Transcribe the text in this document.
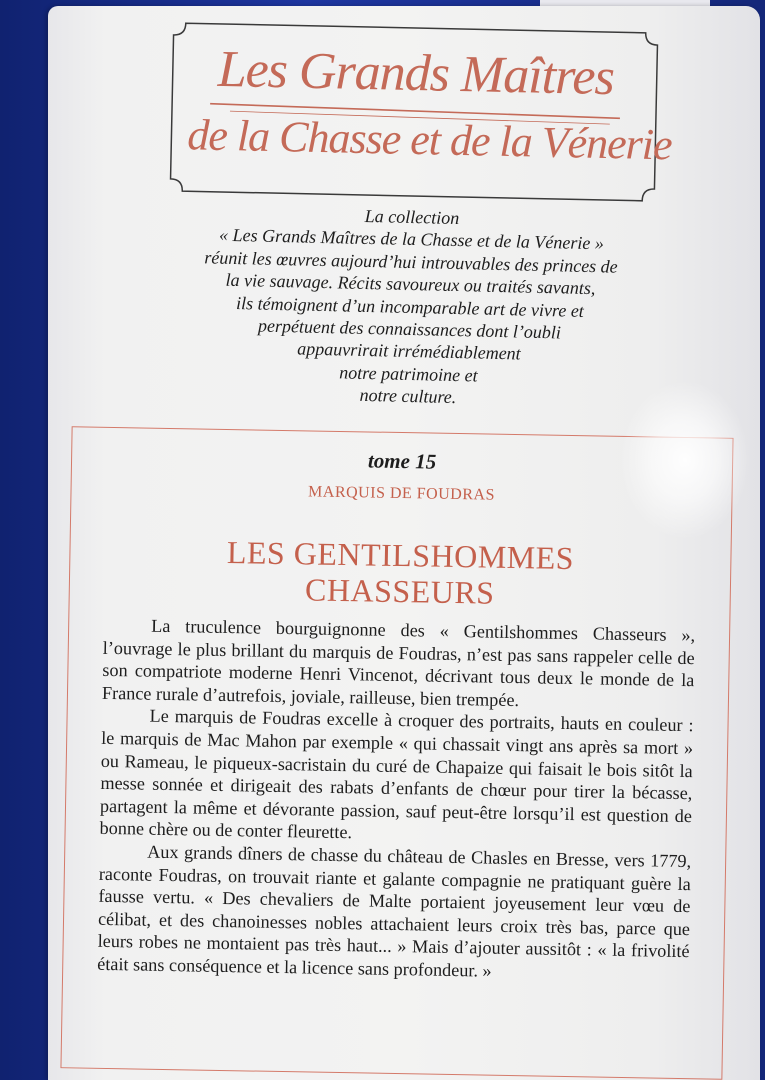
Les Grands Maîtres
de la Chasse et de la Vénerie
La collection
« Les Grands Maîtres de la Chasse et de la Vénerie »
réunit les œuvres aujourd’hui introuvables des princes de
la vie sauvage. Récits savoureux ou traités savants,
ils témoignent d’un incomparable art de vivre et
perpétuent des connaissances dont l’oubli
appauvrirait irrémédiablement
notre patrimoine et
notre culture.
tome 15
MARQUIS DE FOUDRAS
LES GENTILSHOMMES
CHASSEURS

La truculence bourguignonne des « Gentilshommes Chasseurs », l’ouvrage le plus brillant du marquis de Foudras, n’est pas sans rappeler celle de son compatriote moderne Henri Vincenot, décrivant tous deux le monde de la France rurale d’autrefois, joviale, railleuse, bien trempée.

Le marquis de Foudras excelle à croquer des portraits, hauts en couleur : le marquis de Mac Mahon par exemple « qui chassait vingt ans après sa mort » ou Rameau, le piqueux-sacristain du curé de Chapaize qui faisait le bois sitôt la messe sonnée et dirigeait des rabats d’enfants de chœur pour tirer la bécasse, partagent la même et dévorante passion, sauf peut-être lorsqu’il est question de bonne chère ou de conter fleurette.

Aux grands dîners de chasse du château de Chasles en Bresse, vers 1779, raconte Foudras, on trouvait riante et galante compagnie ne pratiquant guère la fausse vertu. « Des chevaliers de Malte portaient joyeusement leur vœu de célibat, et des chanoinesses nobles attachaient leurs croix très bas, parce que leurs robes ne montaient pas très haut... » Mais d’ajouter aussitôt : « la frivolité était sans conséquence et la licence sans profondeur. »
